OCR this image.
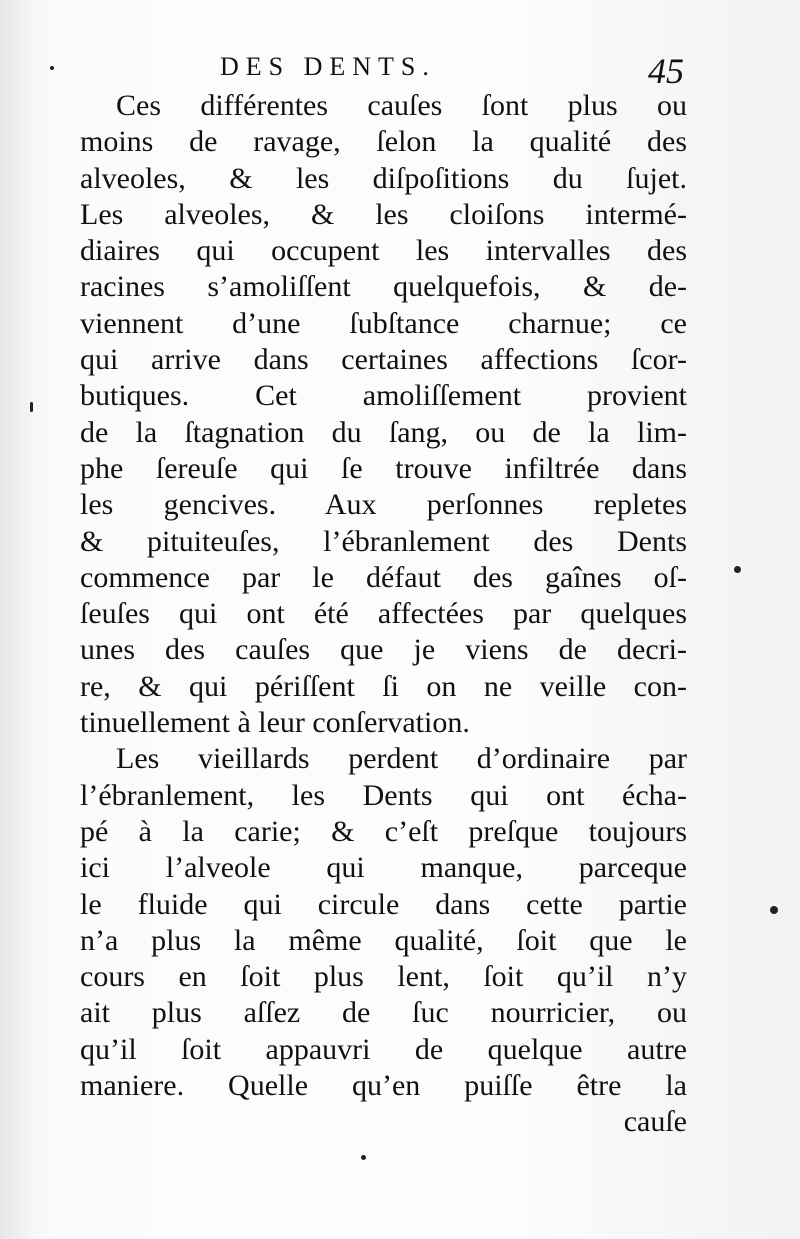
DES DENTS.	45
Ces différentes cauſes ſont plus ou
moins de ravage, ſelon la qualité des
alveoles, & les diſpoſitions du ſujet.
Les alveoles, & les cloiſons intermé-
diaires qui occupent les intervalles des
racines s’amoliſſent quelquefois, & de-
viennent d’une ſubſtance charnue; ce
qui arrive dans certaines affections ſcor-
butiques. Cet amoliſſement provient
de la ſtagnation du ſang, ou de la lim-
phe ſereuſe qui ſe trouve infiltrée dans
les gencives. Aux perſonnes repletes
& pituiteuſes, l’ébranlement des Dents
commence par le défaut des gaînes oſ-
ſeuſes qui ont été affectées par quelques
unes des cauſes que je viens de decri-
re, & qui périſſent ſi on ne veille con-
tinuellement à leur conſervation.
Les vieillards perdent d’ordinaire par
l’ébranlement, les Dents qui ont écha-
pé à la carie; & c’eſt preſque toujours
ici l’alveole qui manque, parceque
le fluide qui circule dans cette partie
n’a plus la même qualité, ſoit que le
cours en ſoit plus lent, ſoit qu’il n’y
ait plus aſſez de ſuc nourricier, ou
qu’il ſoit appauvri de quelque autre
maniere. Quelle qu’en puiſſe être la
cauſe
